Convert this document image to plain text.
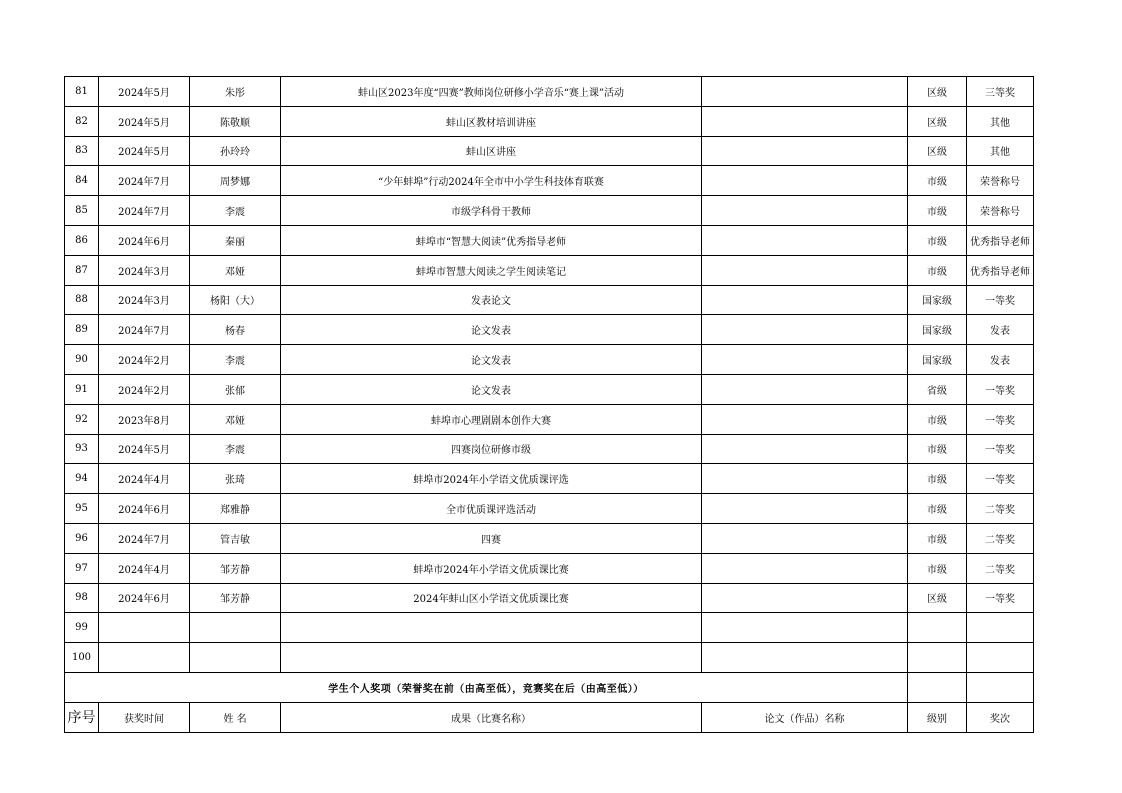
81	2024年5月	朱彤	蚌山区2023年度“四赛”教师岗位研修小学音乐“赛上课”活动		区级	三等奖
82	2024年5月	陈敬顺	蚌山区教材培训讲座		区级	其他
83	2024年5月	孙玲玲	蚌山区讲座		区级	其他
84	2024年7月	周梦娜	“少年蚌埠”行动2024年全市中小学生科技体育联赛		市级	荣誉称号
85	2024年7月	李震	市级学科骨干教师		市级	荣誉称号
86	2024年6月	秦丽	蚌埠市“智慧大阅读”优秀指导老师		市级	优秀指导老师
87	2024年3月	邓娅	蚌埠市智慧大阅读之学生阅读笔记		市级	优秀指导老师
88	2024年3月	杨阳（大）	发表论文		国家级	一等奖
89	2024年7月	杨春	论文发表		国家级	发表
90	2024年2月	李震	论文发表		国家级	发表
91	2024年2月	张郁	论文发表		省级	一等奖
92	2023年8月	邓娅	蚌埠市心理剧剧本创作大赛		市级	一等奖
93	2024年5月	李震	四赛岗位研修市级		市级	一等奖
94	2024年4月	张琦	蚌埠市2024年小学语文优质课评选		市级	一等奖
95	2024年6月	郑雅静	全市优质课评选活动		市级	二等奖
96	2024年7月	管吉敏	四赛		市级	二等奖
97	2024年4月	邹芳静	蚌埠市2024年小学语文优质课比赛		市级	二等奖
98	2024年6月	邹芳静	2024年蚌山区小学语文优质课比赛		区级	一等奖
99						
100						
学生个人奖项（荣誉奖在前（由高至低），竞赛奖在后（由高至低））						
序号	获奖时间	姓 名	成果（比赛名称）	论文（作品）名称	级别	奖次
